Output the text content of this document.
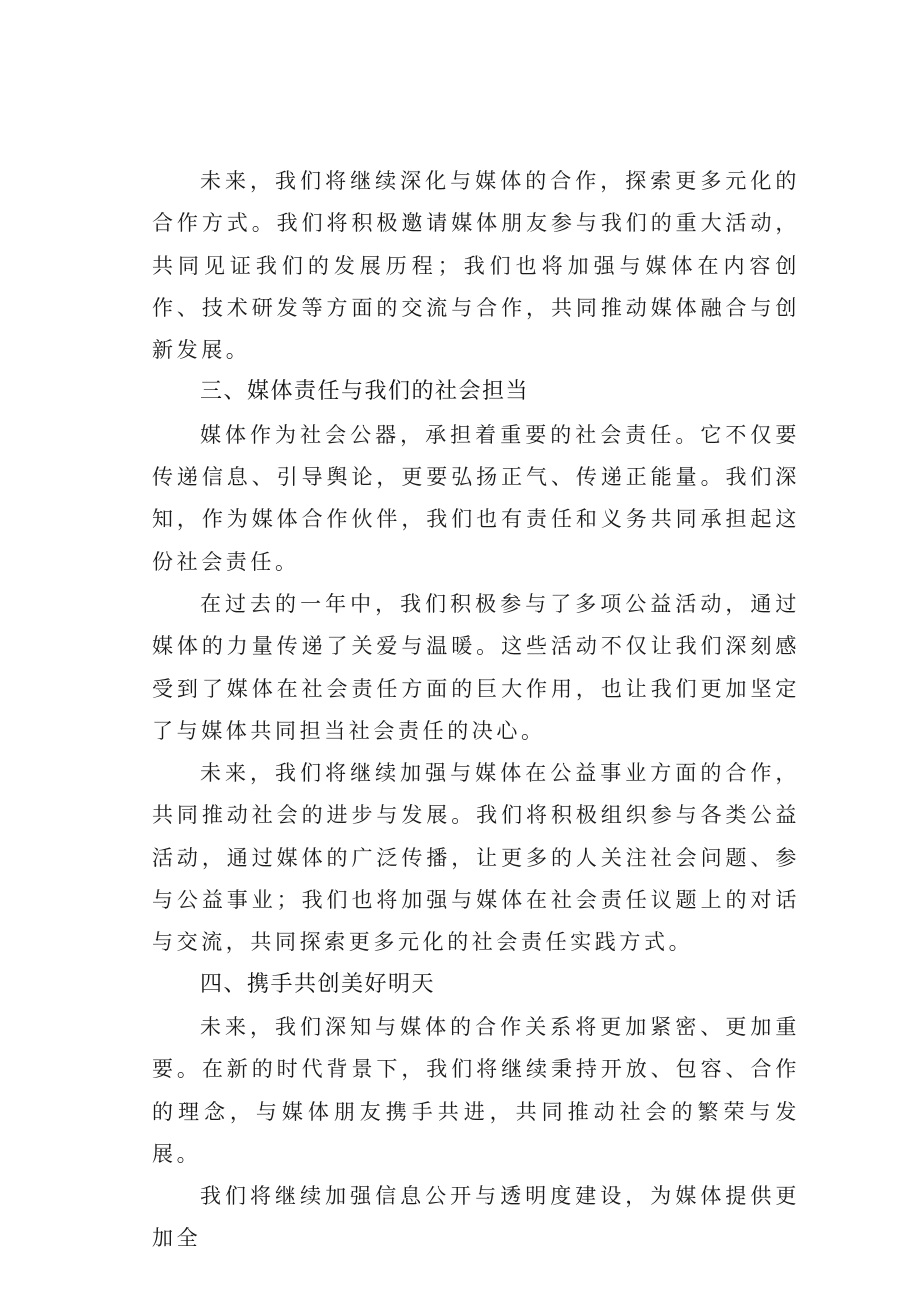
未来，我们将继续深化与媒体的合作，探索更多元化的合作方式。我们将积极邀请媒体朋友参与我们的重大活动，共同见证我们的发展历程；我们也将加强与媒体在内容创作、技术研发等方面的交流与合作，共同推动媒体融合与创新发展。

三、媒体责任与我们的社会担当

媒体作为社会公器，承担着重要的社会责任。它不仅要传递信息、引导舆论，更要弘扬正气、传递正能量。我们深知，作为媒体合作伙伴，我们也有责任和义务共同承担起这份社会责任。

在过去的一年中，我们积极参与了多项公益活动，通过媒体的力量传递了关爱与温暖。这些活动不仅让我们深刻感受到了媒体在社会责任方面的巨大作用，也让我们更加坚定了与媒体共同担当社会责任的决心。

未来，我们将继续加强与媒体在公益事业方面的合作，共同推动社会的进步与发展。我们将积极组织参与各类公益活动，通过媒体的广泛传播，让更多的人关注社会问题、参与公益事业；我们也将加强与媒体在社会责任议题上的对话与交流，共同探索更多元化的社会责任实践方式。

四、携手共创美好明天

未来，我们深知与媒体的合作关系将更加紧密、更加重要。在新的时代背景下，我们将继续秉持开放、包容、合作的理念，与媒体朋友携手共进，共同推动社会的繁荣与发展。

我们将继续加强信息公开与透明度建设，为媒体提供更加全
